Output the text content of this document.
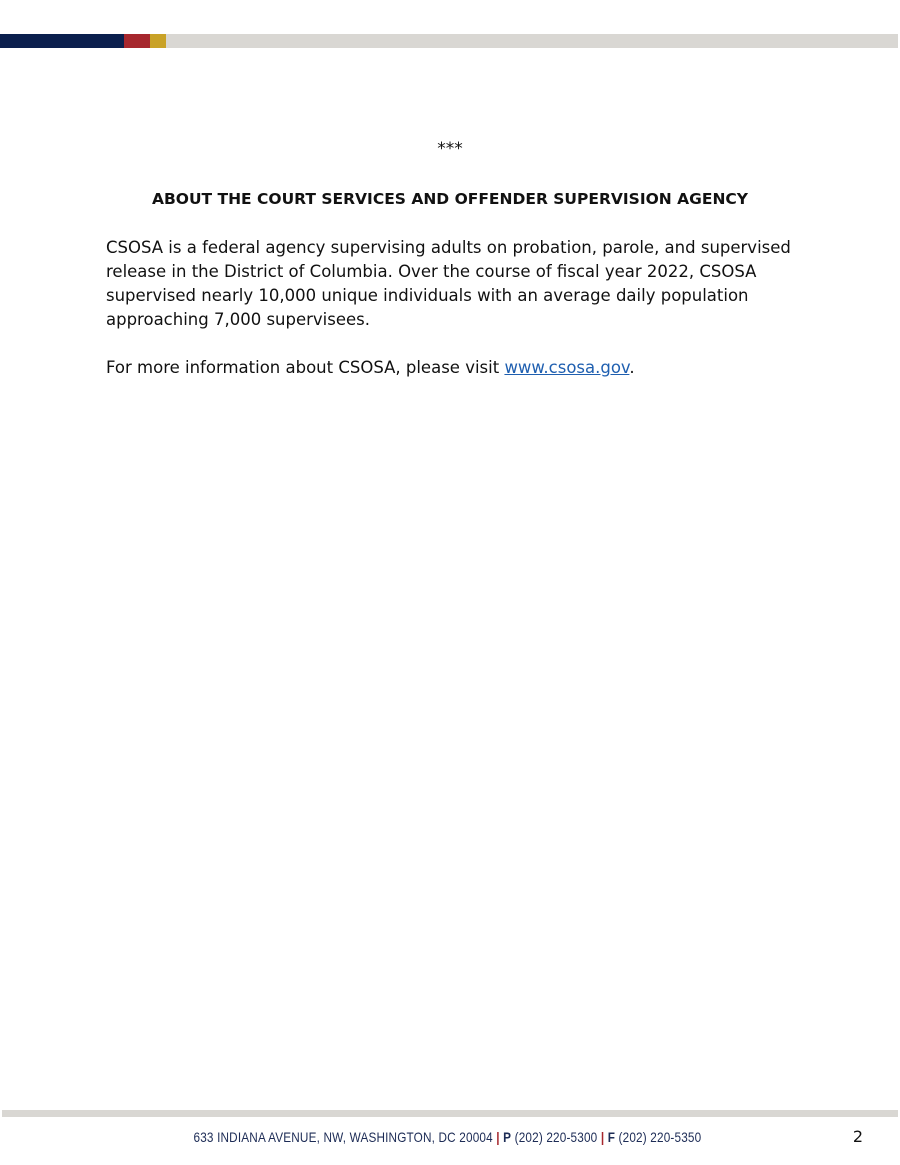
***
ABOUT THE COURT SERVICES AND OFFENDER SUPERVISION AGENCY

CSOSA is a federal agency supervising adults on probation, parole, and supervised release in the District of Columbia. Over the course of fiscal year 2022, CSOSA supervised nearly 10,000 unique individuals with an average daily population approaching 7,000 supervisees.

For more information about CSOSA, please visit www.csosa.gov.

633 INDIANA AVENUE, NW, WASHINGTON, DC 20004 | P (202) 220-5300 | F (202) 220-5350	2
